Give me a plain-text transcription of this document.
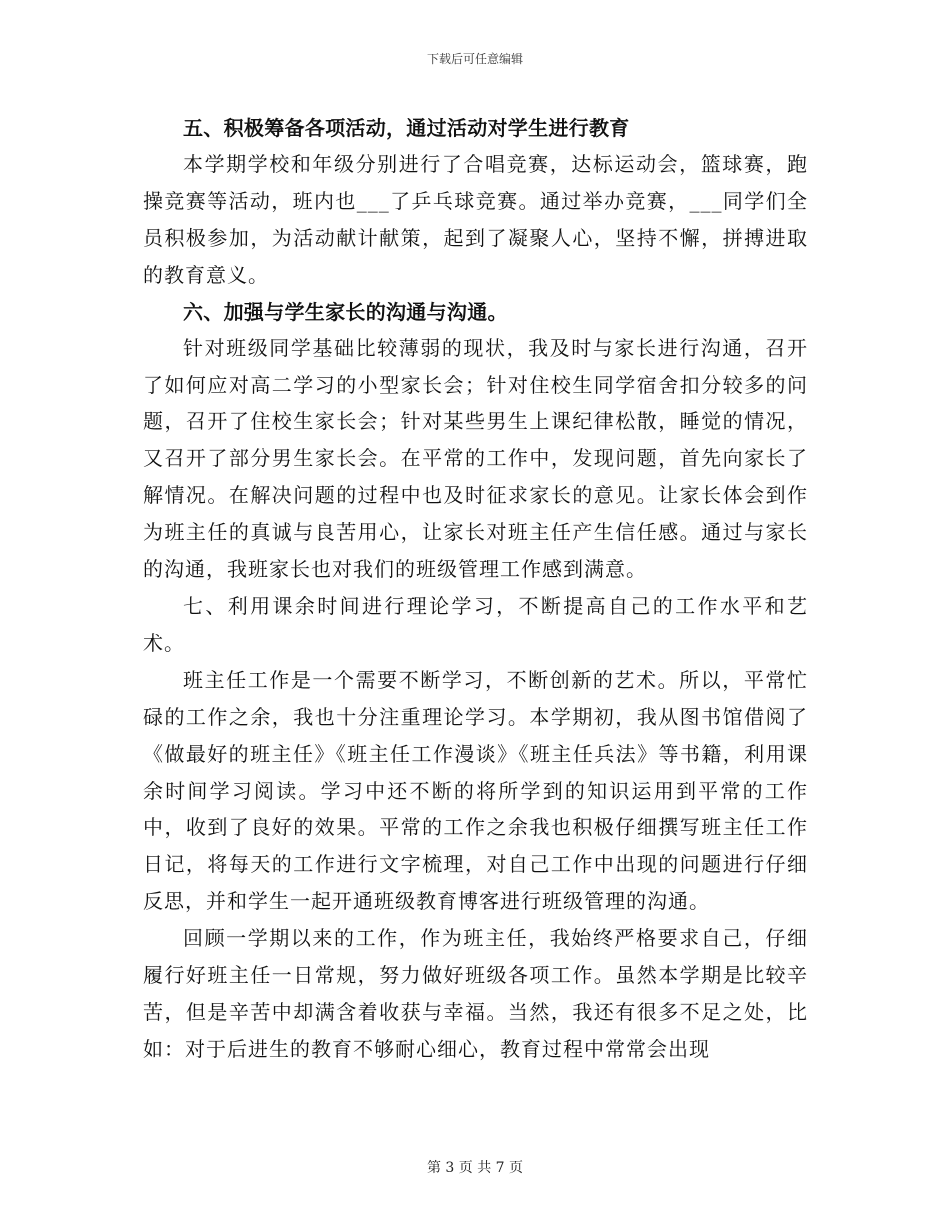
下载后可任意编辑
五、积极筹备各项活动，通过活动对学生进行教育

本学期学校和年级分别进行了合唱竞赛，达标运动会，篮球赛，跑操竞赛等活动，班内也___了乒乓球竞赛。通过举办竞赛，___同学们全员积极参加，为活动献计献策，起到了凝聚人心，坚持不懈，拼搏进取的教育意义。

六、加强与学生家长的沟通与沟通。

针对班级同学基础比较薄弱的现状，我及时与家长进行沟通，召开了如何应对高二学习的小型家长会；针对住校生同学宿舍扣分较多的问题，召开了住校生家长会；针对某些男生上课纪律松散，睡觉的情况，又召开了部分男生家长会。在平常的工作中，发现问题，首先向家长了解情况。在解决问题的过程中也及时征求家长的意见。让家长体会到作为班主任的真诚与良苦用心，让家长对班主任产生信任感。通过与家长的沟通，我班家长也对我们的班级管理工作感到满意。

七、利用课余时间进行理论学习，不断提高自己的工作水平和艺术。

班主任工作是一个需要不断学习，不断创新的艺术。所以，平常忙碌的工作之余，我也十分注重理论学习。本学期初，我从图书馆借阅了《做最好的班主任》《班主任工作漫谈》《班主任兵法》等书籍，利用课余时间学习阅读。学习中还不断的将所学到的知识运用到平常的工作中，收到了良好的效果。平常的工作之余我也积极仔细撰写班主任工作日记，将每天的工作进行文字梳理，对自己工作中出现的问题进行仔细反思，并和学生一起开通班级教育博客进行班级管理的沟通。

回顾一学期以来的工作，作为班主任，我始终严格要求自己，仔细履行好班主任一日常规，努力做好班级各项工作。虽然本学期是比较辛苦，但是辛苦中却满含着收获与幸福。当然，我还有很多不足之处，比如：对于后进生的教育不够耐心细心，教育过程中常常会出现

第 3 页 共 7 页
